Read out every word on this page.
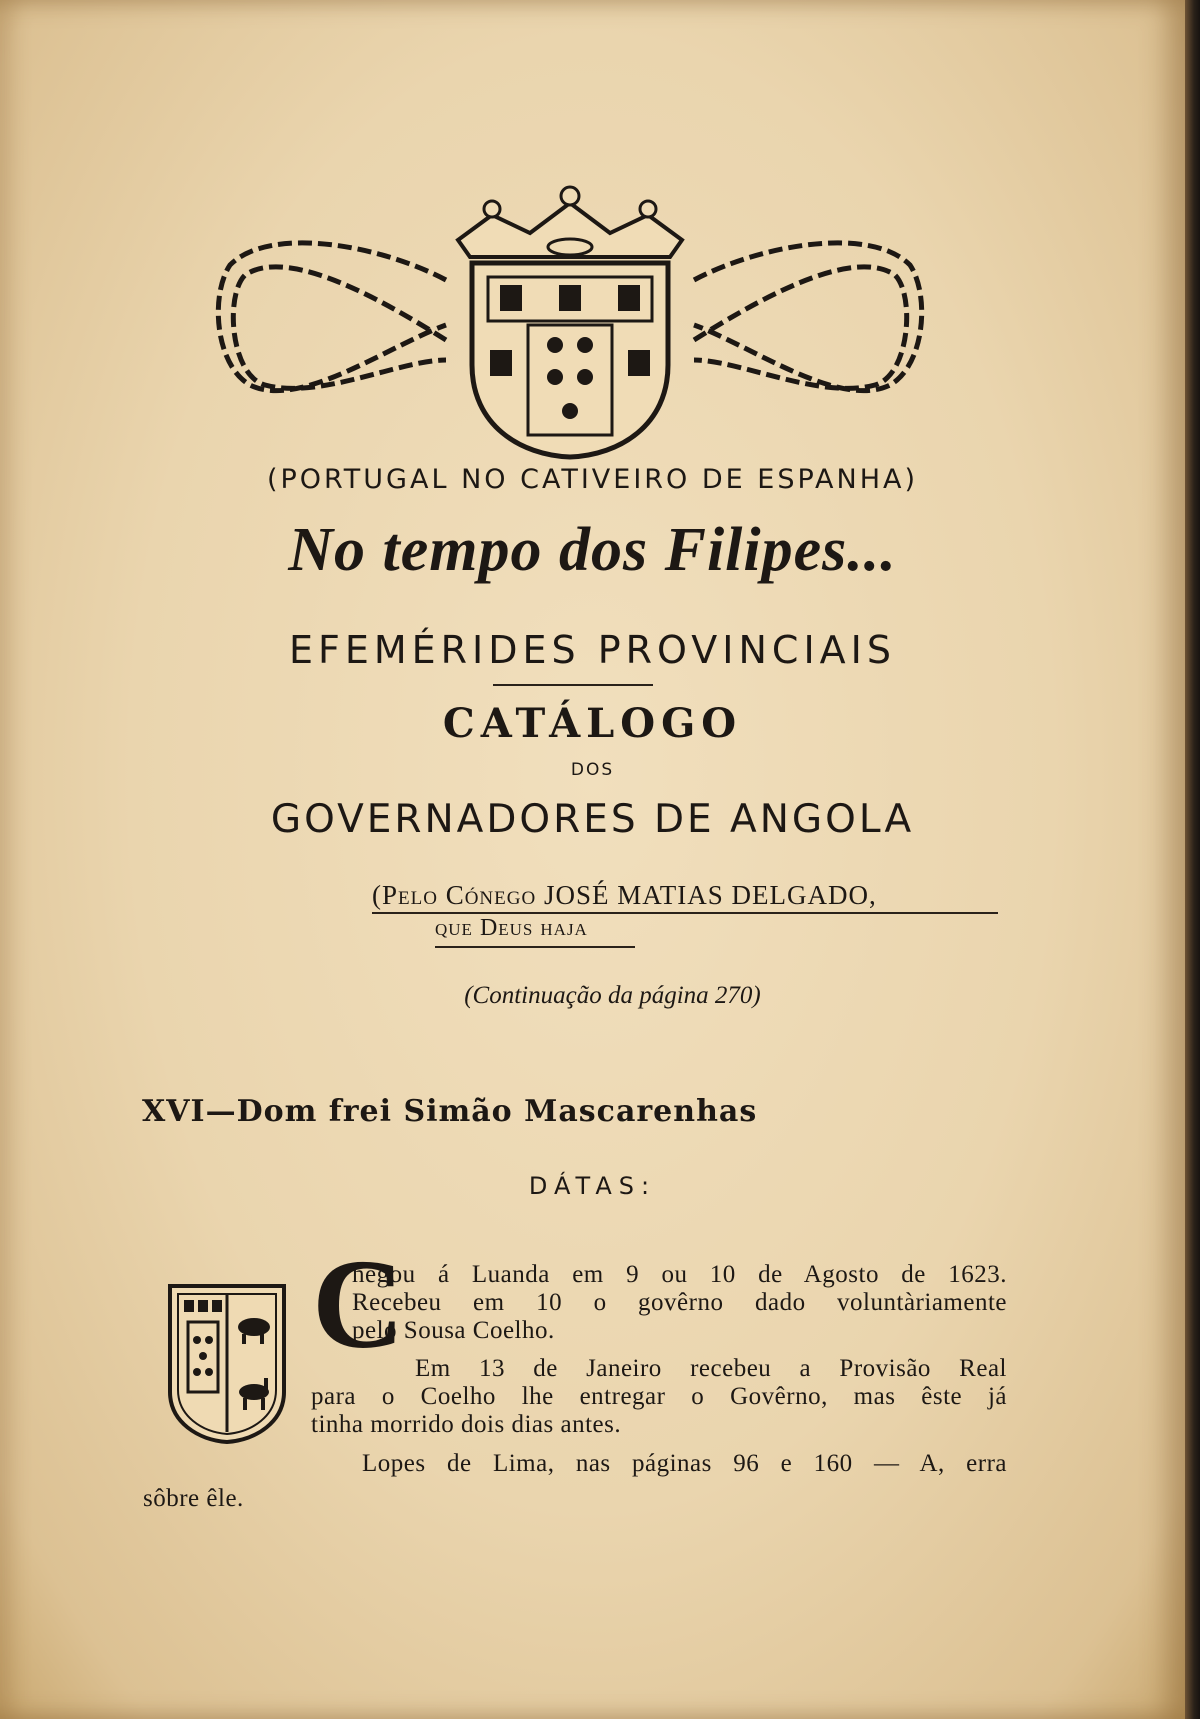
(PORTUGAL NO CATIVEIRO DE ESPANHA)
No tempo dos Filipes...
EFEMÉRIDES PROVINCIAIS
CATÁLOGO
DOS
GOVERNADORES DE ANGOLA
(Pelo Cónego JOSÉ MATIAS DELGADO,
que Deus haja
(Continuação da página 270)
XVI—Dom frei Simão Mascarenhas
DÁTAS:
C
hegou á Luanda em 9 ou 10 de Agosto de 1623.
Recebeu em 10 o govêrno dado voluntàriamente
pelo Sousa Coelho.
Em 13 de Janeiro recebeu a Provisão Real
para o Coelho lhe entregar o Govêrno, mas êste já
tinha morrido dois dias antes.
Lopes de Lima, nas páginas 96 e 160 — A, erra
sôbre êle.
